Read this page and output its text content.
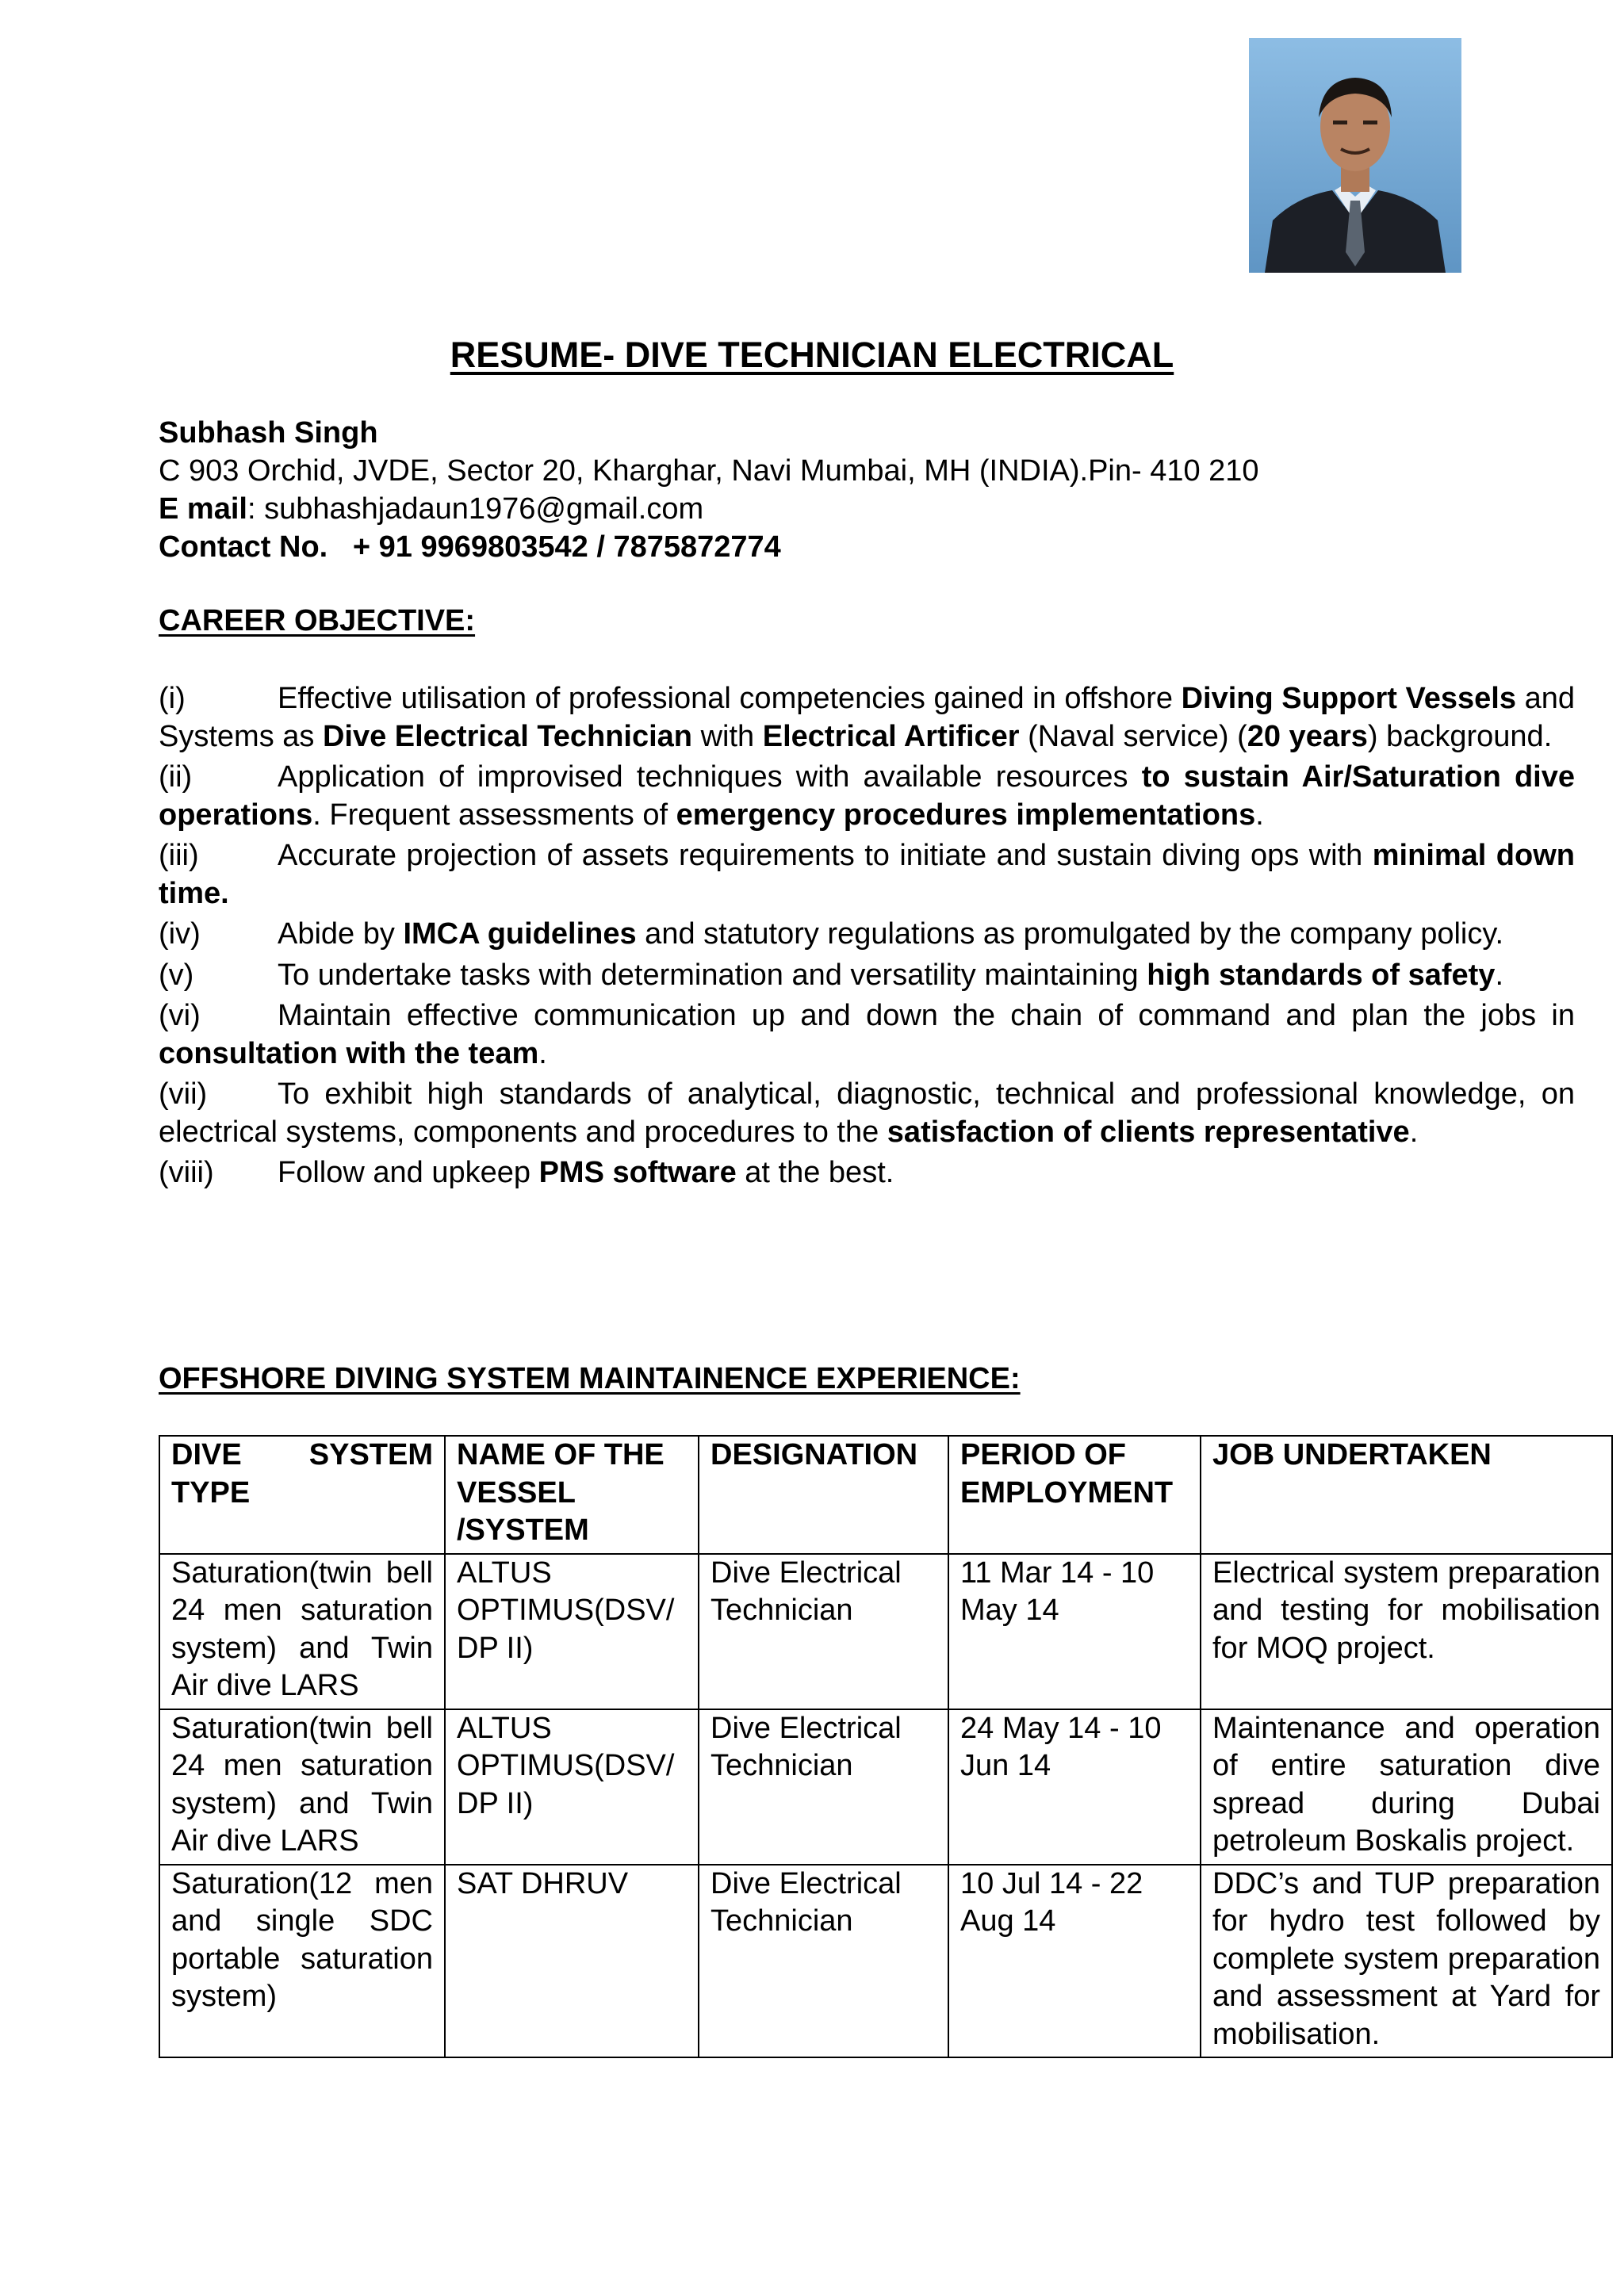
RESUME- DIVE TECHNICIAN ELECTRICAL
Subhash Singh
C 903 Orchid, JVDE, Sector 20, Kharghar, Navi Mumbai, MH (INDIA).Pin- 410 210
E mail: subhashjadaun1976@gmail.com
Contact No.   + 91 9969803542 / 7875872774
CAREER OBJECTIVE:
(i)	Effective utilisation of professional competencies gained in offshore Diving Support Vessels and Systems as Dive Electrical Technician with Electrical Artificer (Naval service) (20 years) background.
(ii)	Application of improvised techniques with available resources to sustain Air/Saturation dive operations. Frequent assessments of emergency procedures implementations.
(iii)	Accurate projection of assets requirements to initiate and sustain diving ops with minimal down time.
(iv)	Abide by IMCA guidelines and statutory regulations as promulgated by the company policy.
(v)	To undertake tasks with determination and versatility maintaining high standards of safety.
(vi)	Maintain effective communication up and down the chain of command and plan the jobs in consultation with the team.
(vii) To exhibit high standards of analytical, diagnostic, technical and professional knowledge, on electrical systems, components and procedures to the satisfaction of clients representative.
(viii) Follow and upkeep PMS software at the best.
OFFSHORE DIVING SYSTEM MAINTAINENCE EXPERIENCE:
DIVE SYSTEM TYPE	NAME OF THE VESSEL /SYSTEM	DESIGNATION	PERIOD OF EMPLOYMENT	JOB UNDERTAKEN
Saturation(twin bell 24 men saturation system) and Twin Air dive LARS	ALTUS OPTIMUS(DSV/ DP II)	Dive Electrical Technician	11 Mar 14 - 10 May 14	Electrical system preparation and testing for mobilisation for MOQ project.
Saturation(twin bell 24 men saturation system) and Twin Air dive LARS	ALTUS OPTIMUS(DSV/ DP II)	Dive Electrical Technician	24 May 14 - 10 Jun 14	Maintenance and operation of entire saturation dive spread during Dubai petroleum Boskalis project.
Saturation(12 men and single SDC portable saturation system)	SAT DHRUV	Dive Electrical Technician	10 Jul 14 - 22 Aug 14	DDC’s and TUP preparation for hydro test followed by complete system preparation and assessment at Yard for mobilisation.
